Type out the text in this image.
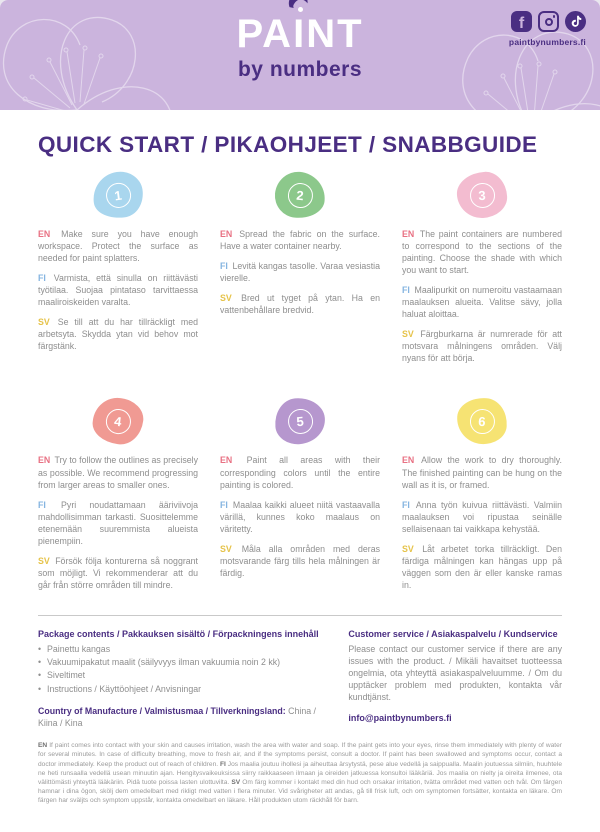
PA I NT
by numbers
f
paintbynumbers.fi
QUICK START / PIKAOHJEET / SNABBGUIDE
1

EN Make sure you have enough workspace. Protect the surface as needed for paint splatters.

FI Varmista, että sinulla on riittävästi työtilaa. Suojaa pintataso tarvittaessa maaliroiskeiden varalta.

SV Se till att du har tillräckligt med arbetsyta. Skydda ytan vid behov mot färgstänk.

2

EN Spread the fabric on the surface. Have a water container nearby.

FI Levitä kangas tasolle. Varaa vesiastia vierelle.

SV Bred ut tyget på ytan. Ha en vattenbehållare bredvid.

3

EN The paint containers are numbered to correspond to the sections of the painting. Choose the shade with which you want to start.

FI Maalipurkit on numeroitu vastaamaan maalauksen alueita. Valitse sävy, jolla haluat aloittaa.

SV Färgburkarna är numrerade för att motsvara målningens områden. Välj nyans för att börja.

4

EN Try to follow the outlines as precisely as possible. We recommend progressing from larger areas to smaller ones.

FI Pyri noudattamaan ääriviivoja mahdollisimman tarkasti. Suosittelemme etenemään suuremmista alueista pienempiin.

SV Försök följa konturerna så noggrant som möjligt. Vi rekommenderar att du går från större områden till mindre.

5

EN Paint all areas with their corresponding colors until the entire painting is colored.

FI Maalaa kaikki alueet niitä vastaavalla värillä, kunnes koko maalaus on väritetty.

SV Måla alla områden med deras motsvarande färg tills hela målningen är färdig.

6

EN Allow the work to dry thoroughly. The finished painting can be hung on the wall as it is, or framed.

FI Anna työn kuivua riittävästi. Valmiin maalauksen voi ripustaa seinälle sellaisenaan tai vaikkapa kehystää.

SV Låt arbetet torka tillräckligt. Den färdiga målningen kan hängas upp på väggen som den är eller kanske ramas in.

Package contents / Pakkauksen sisältö / Förpackningens innehåll
• Painettu kangas
• Vakuumipakatut maalit (säilyvyys ilman vakuumia noin 2 kk)
• Siveltimet
• Instructions / Käyttöohjeet / Anvisningar

Country of Manufacture / Valmistusmaa / Tillverkningsland: China / Kiina / Kina

Customer service / Asiakaspalvelu / Kundservice

Please contact our customer service if there are any issues with the product. / Mikäli havaitset tuotteessa ongelmia, ota yhteyttä asiakaspalveluumme. / Om du upptäcker problem med produkten, kontakta vår kundtjänst.

info@paintbynumbers.fi

EN If paint comes into contact with your skin and causes irritation, wash the area with water and soap. If the paint gets into your eyes, rinse them immediately with plenty of water for several minutes. In case of difficulty breathing, move to fresh air, and if the symptoms persist, consult a doctor. If paint has been swallowed and symptoms occur, contact a doctor immediately. Keep the product out of reach of children. FI Jos maalia joutuu ihollesi ja aiheuttaa ärsytystä, pese alue vedellä ja saippualla. Maalin joutuessa silmiin, huuhtele ne heti runsaalla vedellä usean minuutin ajan. Hengitysvaikeuksissa siirry raikkaaseen ilmaan ja oireiden jatkuessa konsultoi lääkäriä. Jos maalia on nielty ja oireita ilmenee, ota välittömästi yhteyttä lääkäriin. Pidä tuote poissa lasten ulottuvilta. SV Om färg kommer i kontakt med din hud och orsakar irritation, tvätta området med vatten och tvål. Om färgen hamnar i dina ögon, skölj dem omedelbart med rikligt med vatten i flera minuter. Vid svårigheter att andas, gå till frisk luft, och om symptomen fortsätter, kontakta en läkare. Om färgen har sväljts och symptom uppstår, kontakta omedelbart en läkare. Håll produkten utom räckhåll för barn.
